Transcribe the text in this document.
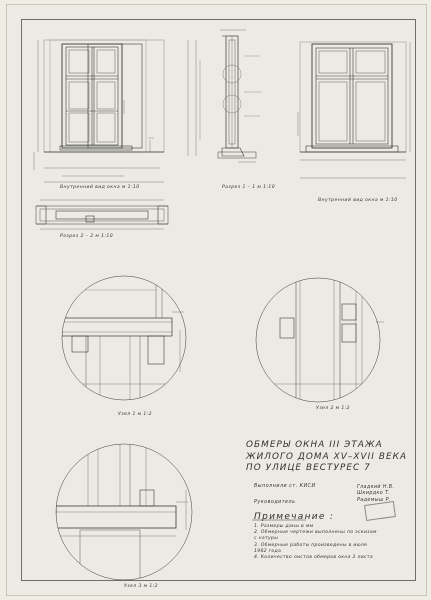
Внутренний вид окна м 1:10	Разрез 1 – 1 м 1:10
Внутренний вид окна м 1:10
Разрез 2 – 2 м 1:10
Узел 1 м 1:2
Узел 2 м 1:2
Узел 3 м 1:2
ОБМЕРЫ ОКНА III ЭТАЖА
ЖИЛОГО ДОМА XV–XVII ВЕКА
ПО УЛИЦЕ ВЕСТУРЕС 7
Выполнили ст. КИСИ
Руководитель
Гладкий Н.В.
Шкирдко Т.
Радемыш Р.
Примечание :
1. Размеры даны в мм
2. Обмерные чертежи выполнены по эскизам
с натуры
3. Обмерные работы произведены в июле
1982 года
4. Количество листов обмеров окна 2 листа
